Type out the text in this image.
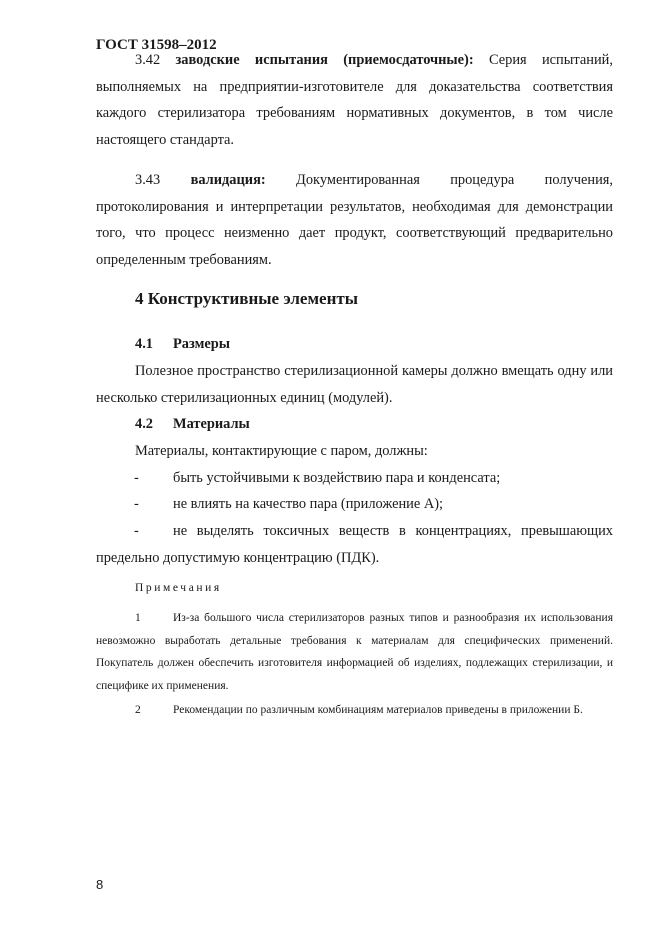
ГОСТ 31598–2012

3.42 заводские испытания (приемосдаточные): Серия испытаний, выполняемых на предприятии-изготовителе для доказательства соответствия каждого стерилизатора требованиям нормативных документов, в том числе настоящего стандарта.

3.43 валидация: Документированная процедура получения, протоколирования и интерпретации результатов, необходимая для демонстрации того, что процесс неизменно дает продукт, соответствующий предварительно определенным требованиям.

4 Конструктивные элементы
4.1 Размеры

Полезное пространство стерилизационной камеры должно вмещать одну или несколько стерилизационных единиц (модулей).

4.2 Материалы

Материалы, контактирующие с паром, должны:

-	быть устойчивыми к воздействию пара и конденсата;
-	не влиять на качество пара (приложение А);
-	не выделять токсичных веществ в концентрациях, превышающих
предельно допустимую концентрацию (ПДК).
Примечания

1	Из-за большого числа стерилизаторов разных типов и разнообразия их использования невозможно выработать детальные требования к материалам для специфических применений. Покупатель должен обеспечить изготовителя информацией об изделиях, подлежащих стерилизации, и специфике их применения.

2	Рекомендации по различным комбинациям материалов приведены в приложении Б.

8
